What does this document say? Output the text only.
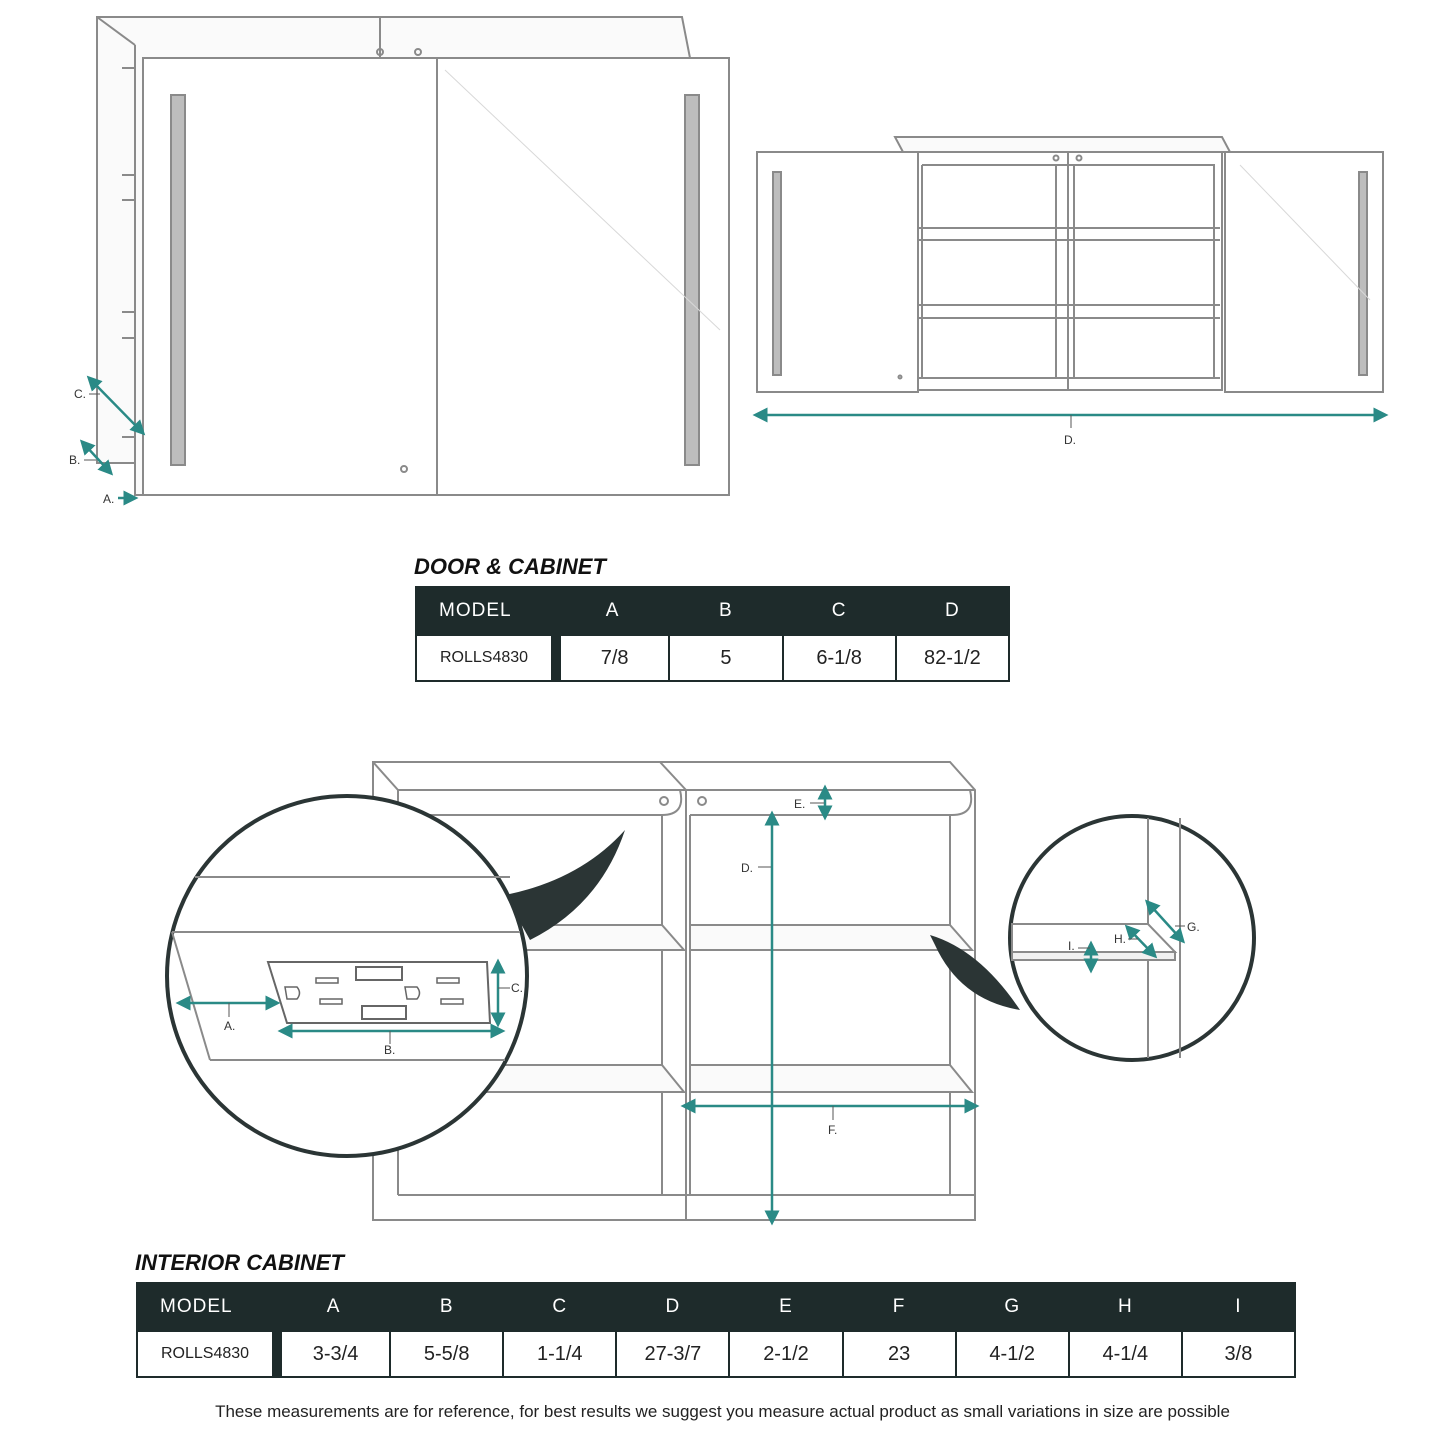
C.
B.
A.
D.
A.
B.
C.
G.
H.
I.
D.
E.
F.
DOOR & CABINET
MODEL	A	B	C	D
ROLLS4830	7/8	5	6-1/8	82-1/2
INTERIOR CABINET
MODEL	A	B	C	D	E	F	G	H	I
ROLLS4830	3-3/4	5-5/8	1-1/4	27-3/7	2-1/2	23	4-1/2	4-1/4	3/8
These measurements are for reference, for best results we suggest you measure actual product as small variations in size are possible
